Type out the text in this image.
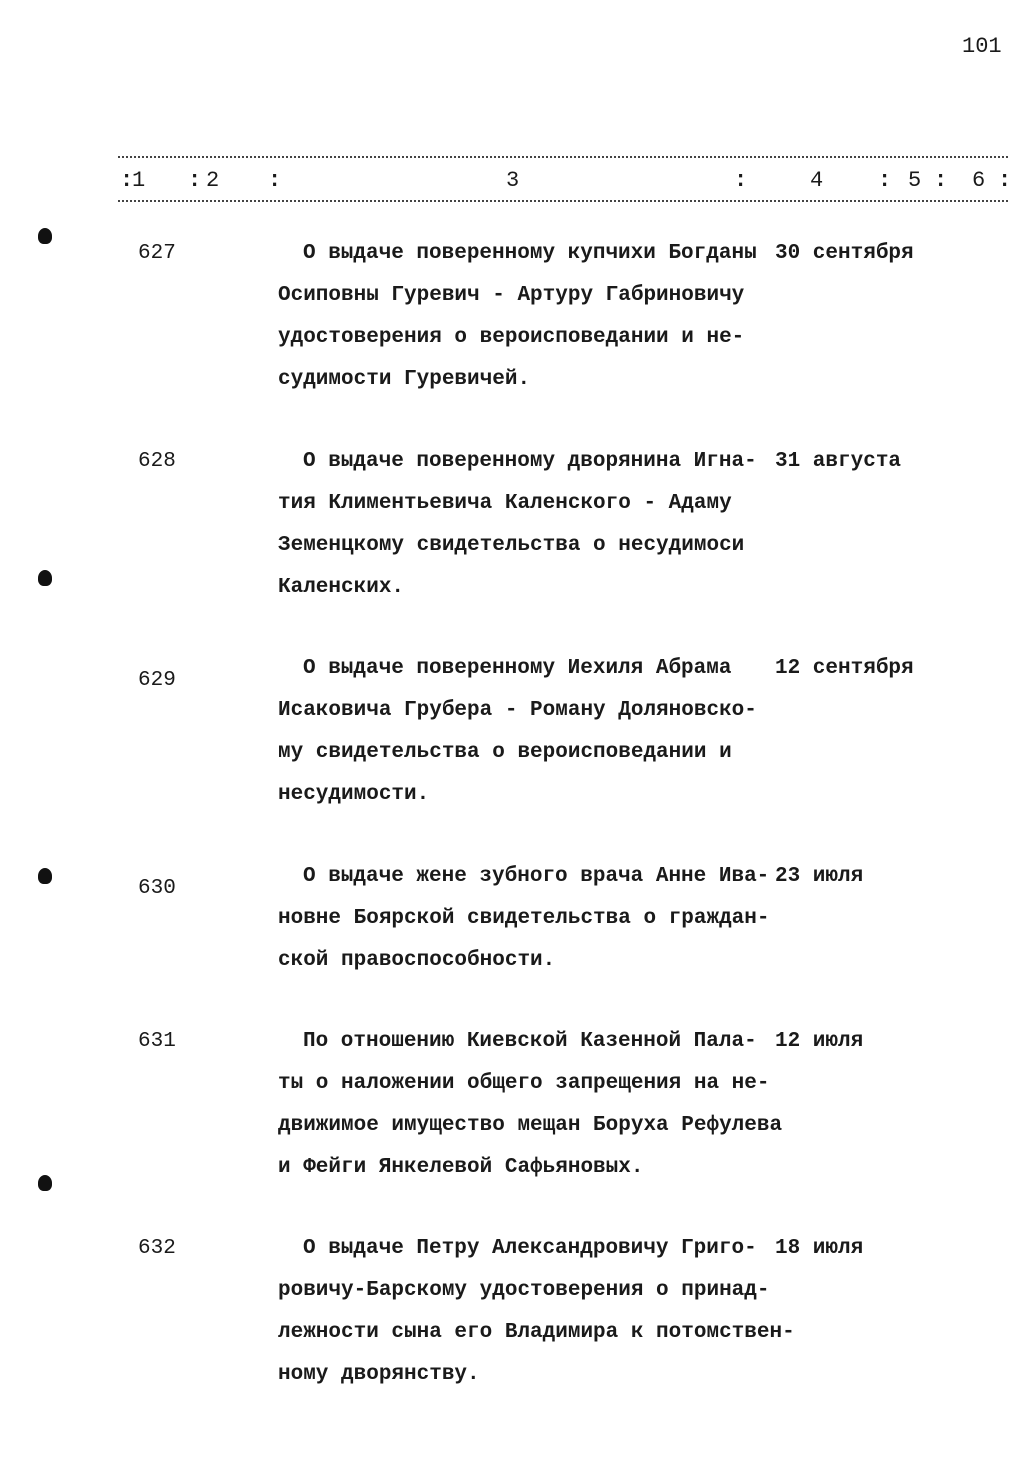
101
:
1 : 2 :	3	:	4 : 5 : 6 :
627	О выдаче поверенному купчихи Богданы
Осиповны Гуревич - Артуру Габриновичу
удостоверения о вероисповедании и не-
судимости Гуревичей.
30 сентября
628	О выдаче поверенному дворянина Игна-
тия Климентьевича Каленского - Адаму
Земенцкому свидетельства о несудимоси
Каленских.
31 августа
629
О выдаче поверенному Иехиля Абрама
Исаковича Грубера - Роману Доляновско-
му свидетельства о вероисповедании и
несудимости.
12 сентября
630
О выдаче жене зубного врача Анне Ива-
новне Боярской свидетельства о граждан-
ской правоспособности.
23 июля
631	По отношению Киевской Казенной Пала-
ты о наложении общего запрещения на не-
движимое имущество мещан Боруха Рефулева
и Фейги Янкелевой Сафьяновых.
12 июля
632	О выдаче Петру Александровичу Григо-
ровичу-Барскому удостоверения о принад-
лежности сына его Владимира к потомствен-
ному дворянству.
18 июля
